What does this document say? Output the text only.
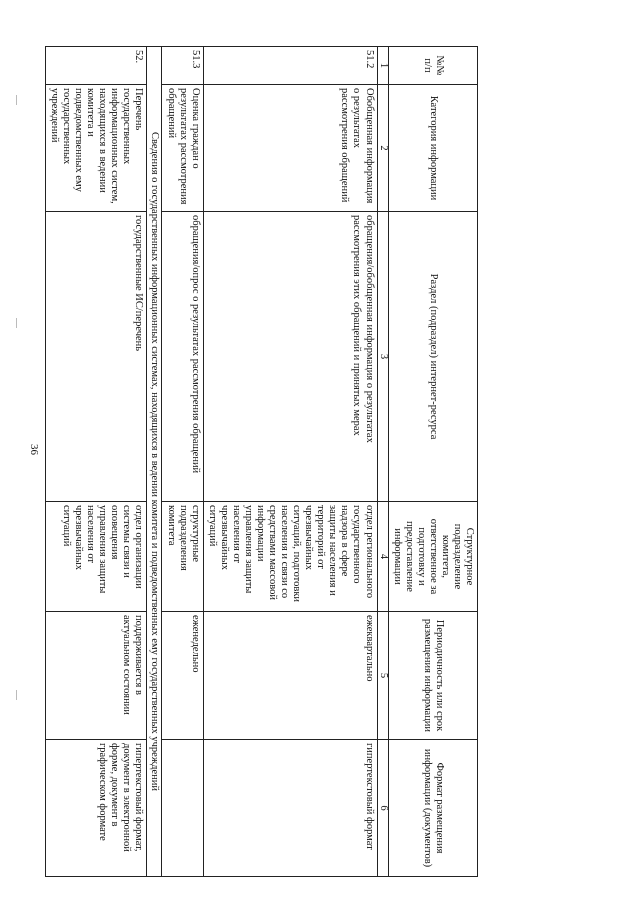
36
№№ п/п	Категория информации	Раздел (подраздел) интернет-ресурса	Структурное подразделение комитета, ответственное за подготовку и предоставление информации	Периодичность или срок размещения информации	Формат размещения информации (документов)
1	2	3	4	5	6
51.2	Обобщенная информация о результатах рассмотрения обращений	обращения/обобщенная информация о результатах рассмотрения этих обращений и принятых мерах	отдел регионального государственного надзора в сфере защиты населения и территорий от чрезвычайных ситуаций, подготовки населения и связи со средствами массовой информации управления защиты населения от чрезвычайных ситуаций	ежеквартально	гипертекстовый формат
51.3	Оценка граждан о результатах рассмотрения обращений	обращения/опрос о результатах рассмотрения обращений	структурные подразделения комитета	еженедельно	
Сведения о государственных информационных системах, находящихся в ведении комитета и подведомственных ему государственных учреждений					
52.	Перечень государственных информационных систем, находящихся в ведении комитета и подведомственных ему государственных учреждений	государственные ИС/перечень	отдел организации системы связи и оповещения управления защиты населения от чрезвычайных ситуаций	поддерживается в актуальном состоянии	гипертекстовый формат, документ в электронной форме, документ в графическом формате
